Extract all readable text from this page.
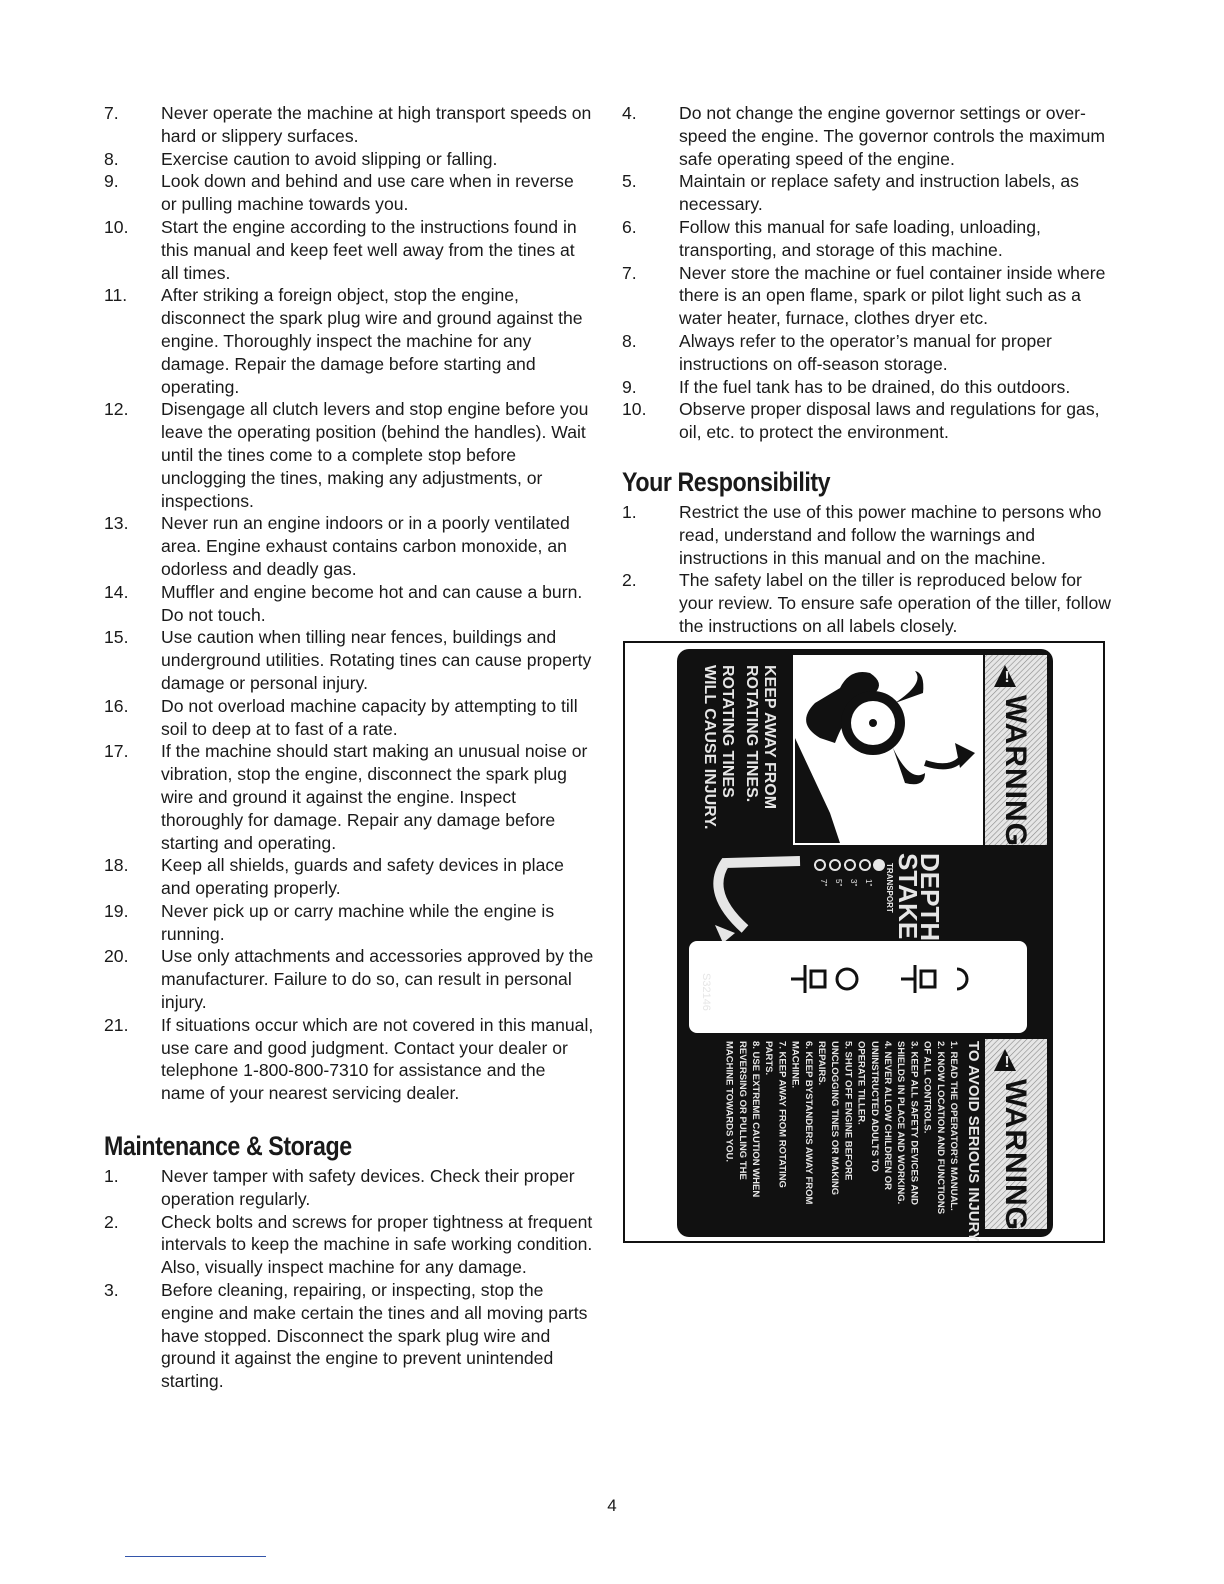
7.	Never operate the machine at high transport speeds on hard or slippery surfaces.
8.	Exercise caution to avoid slipping or falling.
9.	Look down and behind and use care when in reverse or pulling machine towards you.
10.	Start the engine according to the instructions found in this manual and keep feet well away from the tines at all times.
11.	After striking a foreign object, stop the engine, disconnect the spark plug wire and ground against the engine. Thoroughly inspect the machine for any damage. Repair the damage before starting and operating.
12.	Disengage all clutch levers and stop engine before you leave the operating position (behind the handles). Wait until the tines come to a complete stop before unclogging the tines, making any adjustments, or inspections.
13.	Never run an engine indoors or in a poorly ventilated area. Engine exhaust contains carbon monoxide, an odorless and deadly gas.
14.	Muffler and engine become hot and can cause a burn. Do not touch.
15.	Use caution when tilling near fences, buildings and underground utilities. Rotating tines can cause property damage or personal injury.
16.	Do not overload machine capacity by attempting to till soil to deep at to fast of a rate.
17.	If the machine should start making an unusual noise or vibration, stop the engine, disconnect the spark plug wire and ground it against the engine. Inspect thoroughly for damage. Repair any damage before starting and operating.
18.	Keep all shields, guards and safety devices in place and operating properly.
19.	Never pick up or carry machine while the engine is running.
20.	Use only attachments and accessories approved by the manufacturer. Failure to do so, can result in personal injury.
21.	If situations occur which are not covered in this manual, use care and good judgment. Contact your dealer or telephone 1-800-800-7310 for assistance and the name of your nearest servicing dealer.
Maintenance & Storage
1.	Never tamper with safety devices. Check their proper operation regularly.
2.	Check bolts and screws for proper tightness at frequent intervals to keep the machine in safe working condition. Also, visually inspect machine for any damage.
3.	Before cleaning, repairing, or inspecting, stop the engine and make certain the tines and all moving parts have stopped. Disconnect the spark plug wire and ground it against the engine to prevent unintended starting.
4.	Do not change the engine governor settings or over-speed the engine. The governor controls the maximum safe operating speed of the engine.
5.	Maintain or replace safety and instruction labels, as necessary.
6.	Follow this manual for safe loading, unloading, transporting, and storage of this machine.
7.	Never store the machine or fuel container inside where there is an open flame, spark or pilot light such as a water heater, furnace, clothes dryer etc.
8.	Always refer to the operator’s manual for proper instructions on off-season storage.
9.	If the fuel tank has to be drained, do this outdoors.
10.	Observe proper disposal laws and regulations for gas, oil, etc. to protect the environment.
Your Responsibility
1.	Restrict the use of this power machine to persons who read, understand and follow the warnings and instructions in this manual and on the machine.
2.	The safety label on the tiller is reproduced below for your review. To ensure safe operation of the tiller, follow the instructions on all labels closely.
!
WARNING
KEEP AWAY FROM
ROTATING TINES.
ROTATING TINES
WILL CAUSE INJURY.
TRANSPORT
1"
3"
5"
7"	DEPTH
STAKE
S32146
!
WARNING
TO AVOID SERIOUS INJURY
1. READ THE OPERATOR'S MANUAL.
2. KNOW LOCATION AND FUNCTIONS
OF ALL CONTROLS.
3. KEEP ALL SAFETY DEVICES AND
SHIELDS IN PLACE AND WORKING.
4. NEVER ALLOW CHILDREN OR
UNINSTRUCTED ADULTS TO
OPERATE TILLER.
5. SHUT OFF ENGINE BEFORE
UNCLOGGING TINES OR MAKING
REPAIRS.
6. KEEP BYSTANDERS AWAY FROM
MACHINE.
7. KEEP AWAY FROM ROTATING
PARTS.
8. USE EXTREME CAUTION WHEN
REVERSING OR PULLING THE
MACHINE TOWARDS YOU.
4
